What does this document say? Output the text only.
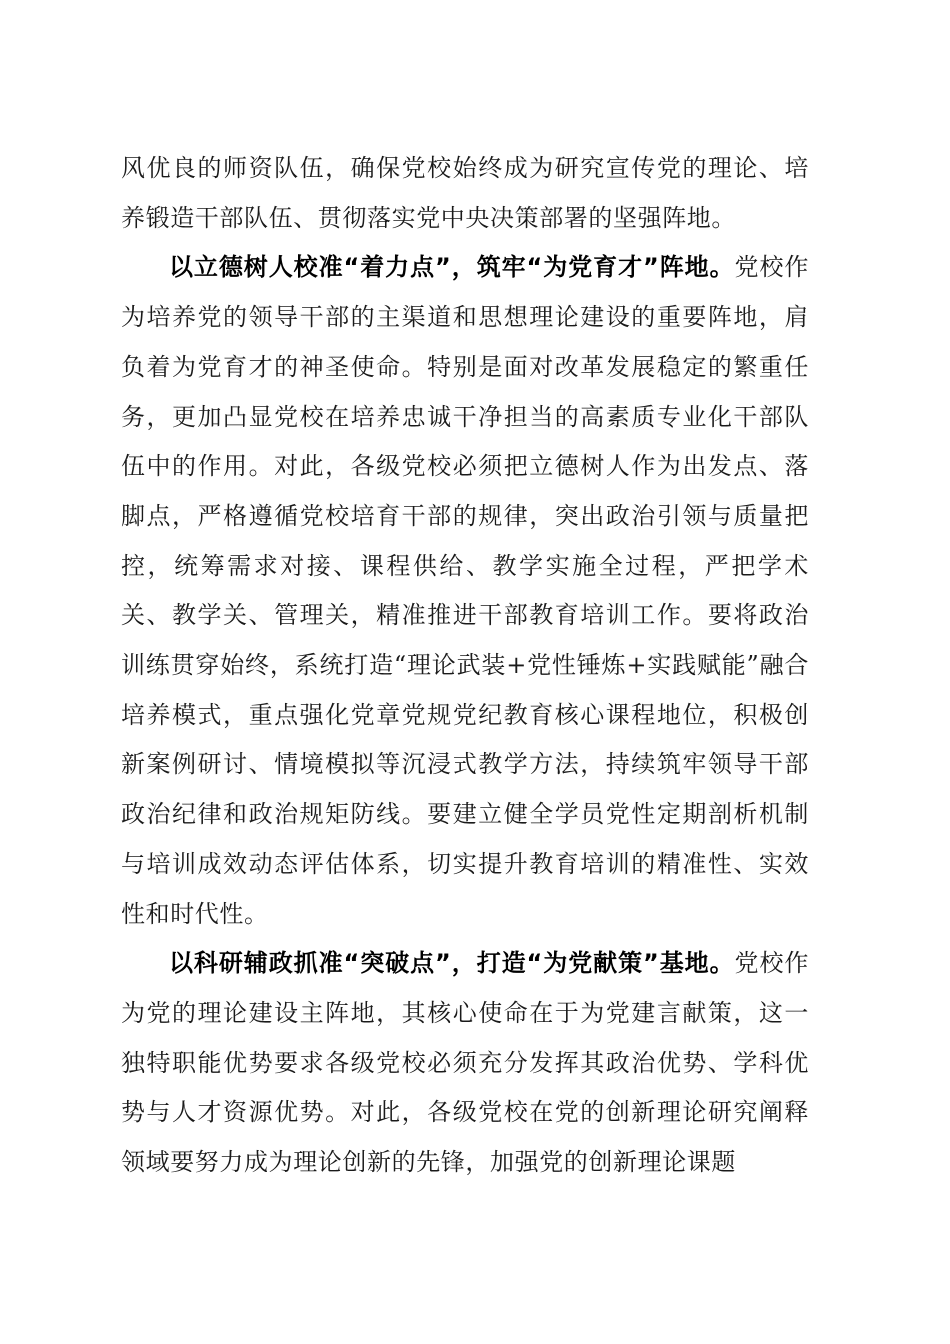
风优良的师资队伍，确保党校始终成为研究宣传党的理论、培养锻造干部队伍、贯彻落实党中央决策部署的坚强阵地。

以立德树人校准“着力点”，筑牢“为党育才”阵地。党校作为培养党的领导干部的主渠道和思想理论建设的重要阵地，肩负着为党育才的神圣使命。特别是面对改革发展稳定的繁重任务，更加凸显党校在培养忠诚干净担当的高素质专业化干部队伍中的作用。对此，各级党校必须把立德树人作为出发点、落脚点，严格遵循党校培育干部的规律，突出政治引领与质量把控，统筹需求对接、课程供给、教学实施全过程，严把学术关、教学关、管理关，精准推进干部教育培训工作。要将政治训练贯穿始终，系统打造“理论武装+党性锤炼+实践赋能”融合培养模式，重点强化党章党规党纪教育核心课程地位，积极创新案例研讨、情境模拟等沉浸式教学方法，持续筑牢领导干部政治纪律和政治规矩防线。要建立健全学员党性定期剖析机制与培训成效动态评估体系，切实提升教育培训的精准性、实效性和时代性。

以科研辅政抓准“突破点”，打造“为党献策”基地。党校作为党的理论建设主阵地，其核心使命在于为党建言献策，这一独特职能优势要求各级党校必须充分发挥其政治优势、学科优势与人才资源优势。对此，各级党校在党的创新理论研究阐释领域要努力成为理论创新的先锋，加强党的创新理论课题
